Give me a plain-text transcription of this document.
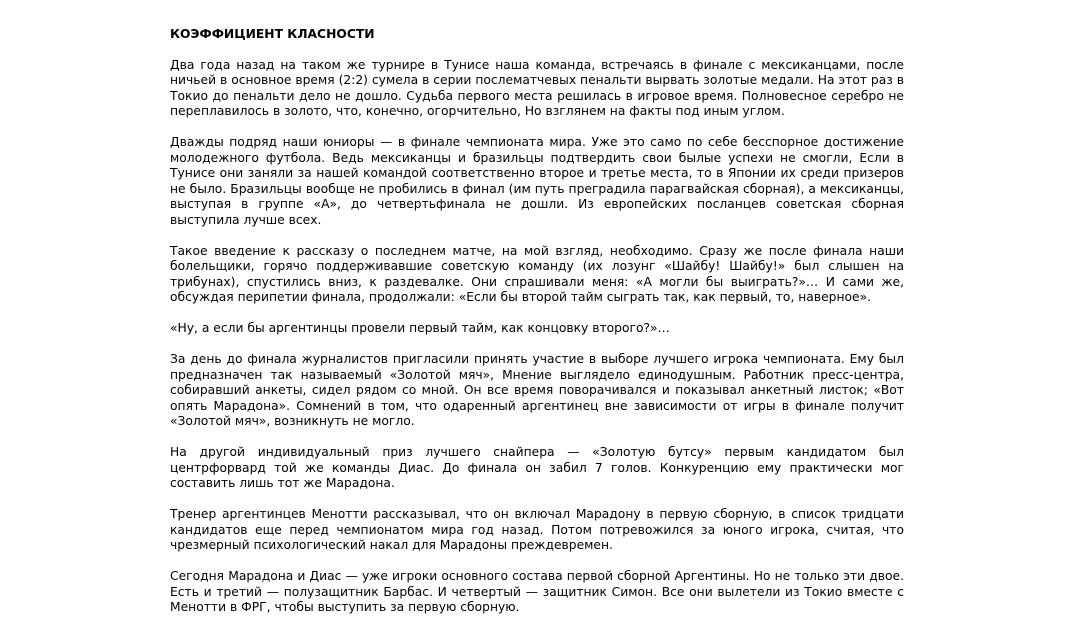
КОЭФФИЦИЕНТ КЛАСНОСТИ

Два года назад на таком же турнире в Тунисе наша команда, встречаясь в финале с мексиканцами, после ничьей в основное время (2:2) сумела в серии послематчевых пенальти вырвать золотые медали. На этот раз в Токио до пенальти дело не дошло. Судьба первого места решилась в игровое время. Полновесное серебро не переплавилось в золото, что, конечно, огорчительно, Но взглянем на факты под иным углом.

Дважды подряд наши юниоры — в финале чемпионата мира. Уже это само по себе бесспорное достижение молодежного футбола. Ведь мексиканцы и бразильцы подтвердить свои былые успехи не смогли, Если в Тунисе они заняли за нашей командой соответственно второе и третье места, то в Японии их среди призеров не было. Бразильцы вообще не пробились в финал (им путь преградила парагвайская сборная), а мексиканцы, выступая в группе «А», до четвертьфинала не дошли. Из европейских посланцев советская сборная выступила лучше всех.

Такое введение к рассказу о последнем матче, на мой взгляд, необходимо. Сразу же после финала наши болельщики, горячо поддерживавшие советскую команду (их лозунг «Шайбу! Шайбу!» был слышен на трибунах), спустились вниз, к раздевалке. Они спрашивали меня: «А могли бы выиграть?»… И сами же, обсуждая перипетии финала, продолжали: «Если бы второй тайм сыграть так, как первый, то, наверное».

«Ну, а если бы аргентинцы провели первый тайм, как концовку второго?»…

За день до финала журналистов пригласили принять участие в выборе лучшего игрока чемпионата. Ему был предназначен так называемый «Золотой мяч», Мнение выглядело единодушным. Работник пресс-центра, собиравший анкеты, сидел рядом со мной. Он все время поворачивался и показывал анкетный листок; «Вот опять Марадона». Сомнений в том, что одаренный аргентинец вне зависимости от игры в финале получит «Золотой мяч», возникнуть не могло.

На другой индивидуальный приз лучшего снайпера — «Золотую бутсу» первым кандидатом был центрфорвард той же команды Диас. До финала он забил 7 голов. Конкуренцию ему практически мог составить лишь тот же Марадона.

Тренер аргентинцев Менотти рассказывал, что он включал Марадону в первую сборную, в список тридцати кандидатов еще перед чемпионатом мира год назад. Потом потревожился за юного игрока, считая, что чрезмерный психологический накал для Марадоны преждевремен.

Сегодня Марадона и Диас — уже игроки основного состава первой сборной Аргентины. Но не только эти двое. Есть и третий — полузащитник Барбас. И четвертый — защитник Симон. Все они вылетели из Токио вместе с Менотти в ФРГ, чтобы выступить за первую сборную.
